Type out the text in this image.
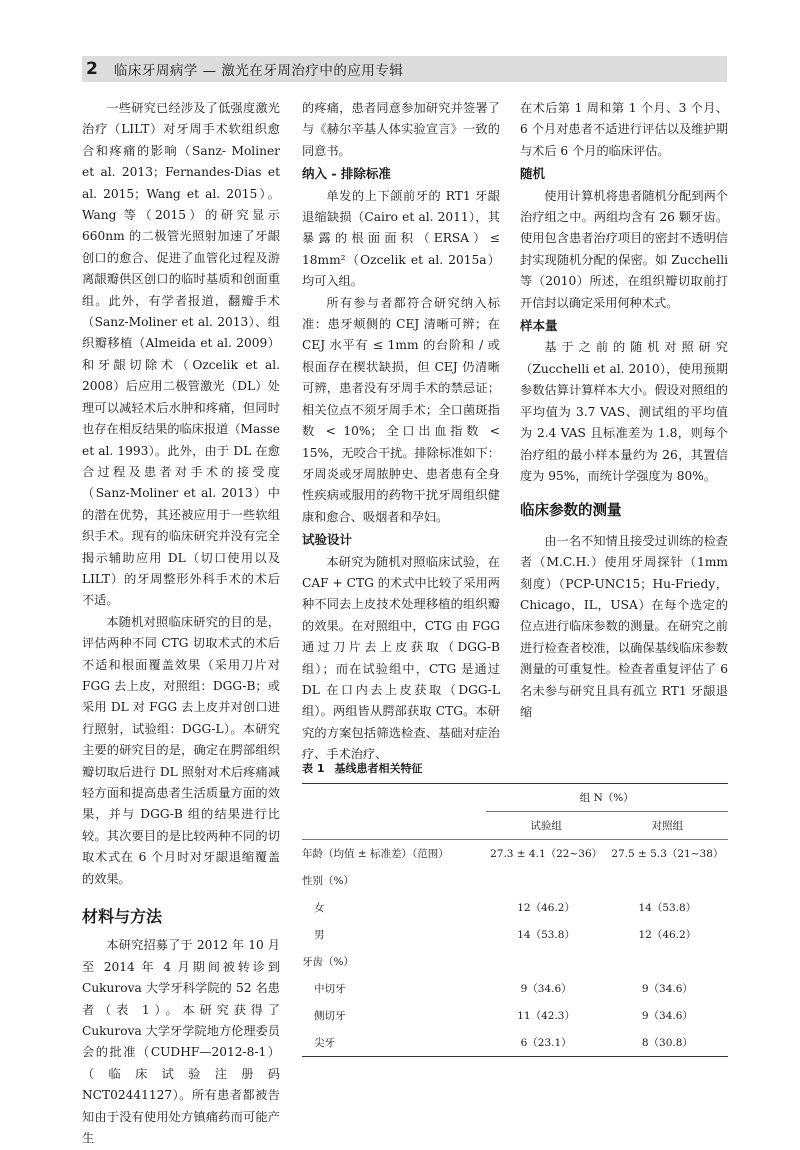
2 临床牙周病学 — 激光在牙周治疗中的应用专辑

一些研究已经涉及了低强度激光治疗（LILT）对牙周手术软组织愈合和疼痛的影响（Sanz- Moliner et al. 2013；Fernandes-Dias et al. 2015；Wang et al. 2015）。Wang 等（2015）的研究显示 660nm 的二极管光照射加速了牙龈创口的愈合、促进了血管化过程及游离龈瓣供区创口的临时基质和创面重组。此外，有学者报道，翻瓣手术（Sanz-Moliner et al. 2013）、组织瓣移植（Almeida et al. 2009）和牙龈切除术（Ozcelik et al. 2008）后应用二极管激光（DL）处理可以减轻术后水肿和疼痛，但同时也存在相反结果的临床报道（Masse et al. 1993）。此外，由于 DL 在愈合过程及患者对手术的接受度（Sanz-Moliner et al. 2013）中的潜在优势，其还被应用于一些软组织手术。现有的临床研究并没有完全揭示辅助应用 DL（切口使用以及 LILT）的牙周整形外科手术的术后不适。

本随机对照临床研究的目的是，评估两种不同 CTG 切取术式的术后不适和根面覆盖效果（采用刀片对 FGG 去上皮，对照组：DGG-B；或采用 DL 对 FGG 去上皮并对创口进行照射，试验组：DGG-L）。本研究主要的研究目的是，确定在腭部组织瓣切取后进行 DL 照射对术后疼痛减轻方面和提高患者生活质量方面的效果，并与 DGG-B 组的结果进行比较。其次要目的是比较两种不同的切取术式在 6 个月时对牙龈退缩覆盖的效果。

材料与方法

本研究招募了于 2012 年 10 月至 2014 年 4 月期间被转诊到 Cukurova 大学牙科学院的 52 名患者（表 1）。本研究获得了 Cukurova 大学牙学院地方伦理委员会的批准（CUDHF—2012-8-1）（临床试验注册码 NCT02441127）。所有患者都被告知由于没有使用处方镇痛药而可能产生

的疼痛，患者同意参加研究并签署了与《赫尔辛基人体实验宣言》一致的同意书。

纳入 - 排除标准

单发的上下颌前牙的 RT1 牙龈退缩缺损（Cairo et al. 2011），其暴露的根面面积（ERSA）≤ 18mm²（Ozcelik et al. 2015a）均可入组。

所有参与者都符合研究纳入标准：患牙颊侧的 CEJ 清晰可辨；在 CEJ 水平有 ≤ 1mm 的台阶和 / 或根面存在楔状缺损，但 CEJ 仍清晰可辨，患者没有牙周手术的禁忌证；相关位点不须牙周手术；全口菌斑指数 < 10%；全口出血指数 < 15%，无咬合干扰。排除标准如下：牙周炎或牙周脓肿史、患者患有全身性疾病或服用的药物干扰牙周组织健康和愈合、吸烟者和孕妇。

试验设计

本研究为随机对照临床试验，在 CAF + CTG 的术式中比较了采用两种不同去上皮技术处理移植的组织瓣的效果。在对照组中，CTG 由 FGG 通过刀片去上皮获取（DGG-B 组）；而在试验组中，CTG 是通过 DL 在口内去上皮获取（DGG-L 组）。两组皆从腭部获取 CTG。本研究的方案包括筛选检查、基础对症治疗、手术治疗、

在术后第 1 周和第 1 个月、3 个月、6 个月对患者不适进行评估以及维护期与术后 6 个月的临床评估。

随机

使用计算机将患者随机分配到两个治疗组之中。两组均含有 26 颗牙齿。使用包含患者治疗项目的密封不透明信封实现随机分配的保密。如 Zucchelli 等（2010）所述，在组织瓣切取前打开信封以确定采用何种术式。

样本量

基于之前的随机对照研究（Zucchelli et al. 2010），使用预期参数估算计算样本大小。假设对照组的平均值为 3.7 VAS、测试组的平均值为 2.4 VAS 且标准差为 1.8，则每个治疗组的最小样本量约为 26，其置信度为 95%，而统计学强度为 80%。

临床参数的测量

由一名不知情且接受过训练的检查者（M.C.H.）使用牙周探针（1mm 刻度）（PCP-UNC15；Hu-Friedy，Chicago，IL，USA）在每个选定的位点进行临床参数的测量。在研究之前进行检查者校准，以确保基线临床参数测量的可重复性。检查者重复评估了 6 名未参与研究且具有孤立 RT1 牙龈退缩

表 1 基线患者相关特征
	组 N（%）	
	试验组	对照组
年龄（均值 ± 标准差）（范围）	27.3 ± 4.1（22~36）	27.5 ± 5.3（21~38）
性别（%）		
女	12（46.2）	14（53.8）
男	14（53.8）	12（46.2）
牙齿（%）		
中切牙	9（34.6）	9（34.6）
侧切牙	11（42.3）	9（34.6）
尖牙	6（23.1）	8（30.8）
